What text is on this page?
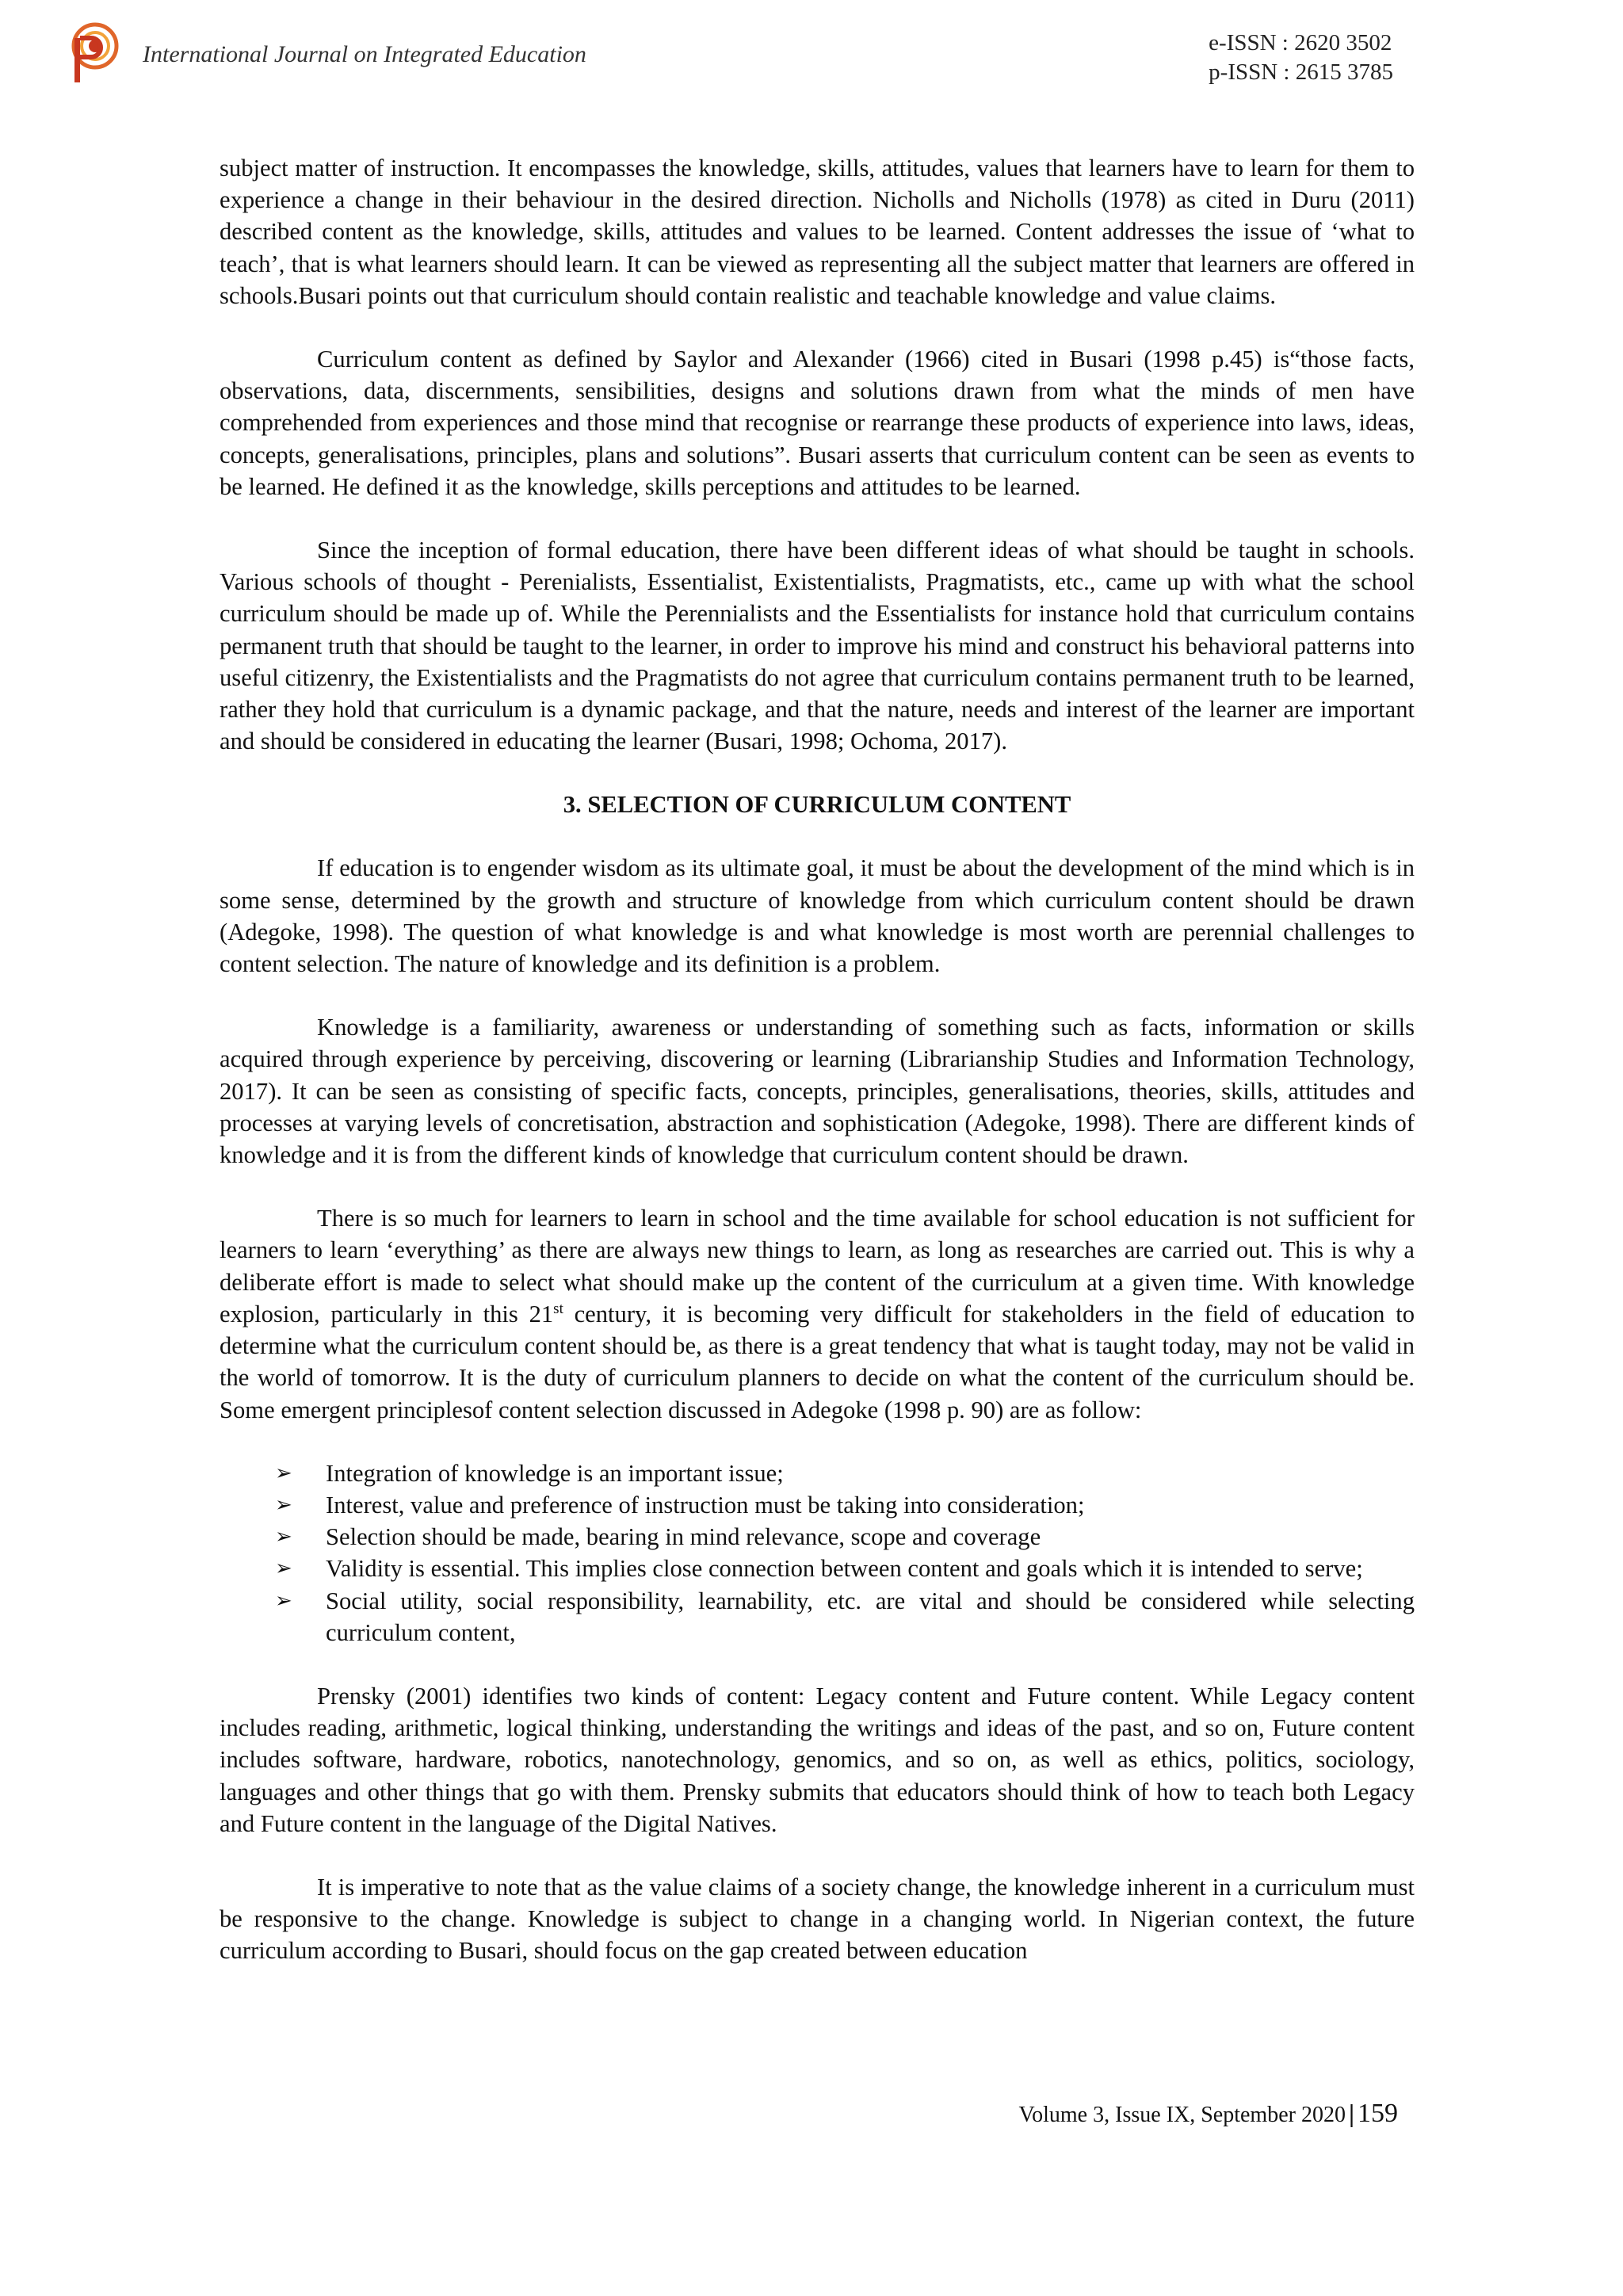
International Journal on Integrated Education	e-ISSN : 2620 3502
p-ISSN : 2615 3785

subject matter of instruction. It encompasses the knowledge, skills, attitudes, values that learners have to learn for them to experience a change in their behaviour in the desired direction. Nicholls and Nicholls (1978) as cited in Duru (2011) described content as the knowledge, skills, attitudes and values to be learned. Content addresses the issue of ‘what to teach’, that is what learners should learn. It can be viewed as representing all the subject matter that learners are offered in schools.Busari points out that curriculum should contain realistic and teachable knowledge and value claims.

Curriculum content as defined by Saylor and Alexander (1966) cited in Busari (1998 p.45) is“those facts, observations, data, discernments, sensibilities, designs and solutions drawn from what the minds of men have comprehended from experiences and those mind that recognise or rearrange these products of experience into laws, ideas, concepts, generalisations, principles, plans and solutions”. Busari asserts that curriculum content can be seen as events to be learned. He defined it as the knowledge, skills perceptions and attitudes to be learned.

Since the inception of formal education, there have been different ideas of what should be taught in schools. Various schools of thought - Perenialists, Essentialist, Existentialists, Pragmatists, etc., came up with what the school curriculum should be made up of. While the Perennialists and the Essentialists for instance hold that curriculum contains permanent truth that should be taught to the learner, in order to improve his mind and construct his behavioral patterns into useful citizenry, the Existentialists and the Pragmatists do not agree that curriculum contains permanent truth to be learned, rather they hold that curriculum is a dynamic package, and that the nature, needs and interest of the learner are important and should be considered in educating the learner (Busari, 1998; Ochoma, 2017).

3. SELECTION OF CURRICULUM CONTENT

If education is to engender wisdom as its ultimate goal, it must be about the development of the mind which is in some sense, determined by the growth and structure of knowledge from which curriculum content should be drawn (Adegoke, 1998). The question of what knowledge is and what knowledge is most worth are perennial challenges to content selection. The nature of knowledge and its definition is a problem.

Knowledge is a familiarity, awareness or understanding of something such as facts, information or skills acquired through experience by perceiving, discovering or learning (Librarianship Studies and Information Technology, 2017). It can be seen as consisting of specific facts, concepts, principles, generalisations, theories, skills, attitudes and processes at varying levels of concretisation, abstraction and sophistication (Adegoke, 1998). There are different kinds of knowledge and it is from the different kinds of knowledge that curriculum content should be drawn.

There is so much for learners to learn in school and the time available for school education is not sufficient for learners to learn ‘everything’ as there are always new things to learn, as long as researches are carried out. This is why a deliberate effort is made to select what should make up the content of the curriculum at a given time. With knowledge explosion, particularly in this 21st century, it is becoming very difficult for stakeholders in the field of education to determine what the curriculum content should be, as there is a great tendency that what is taught today, may not be valid in the world of tomorrow. It is the duty of curriculum planners to decide on what the content of the curriculum should be. Some emergent principlesof content selection discussed in Adegoke (1998 p. 90) are as follow:

➢ Integration of knowledge is an important issue;
➢ Interest, value and preference of instruction must be taking into consideration;
➢ Selection should be made, bearing in mind relevance, scope and coverage
➢ Validity is essential. This implies close connection between content and goals which it is intended to serve;
➢ Social utility, social responsibility, learnability, etc. are vital and should be considered while selecting curriculum content,

Prensky (2001) identifies two kinds of content: Legacy content and Future content. While Legacy content includes reading, arithmetic, logical thinking, understanding the writings and ideas of the past, and so on, Future content includes software, hardware, robotics, nanotechnology, genomics, and so on, as well as ethics, politics, sociology, languages and other things that go with them. Prensky submits that educators should think of how to teach both Legacy and Future content in the language of the Digital Natives.

It is imperative to note that as the value claims of a society change, the knowledge inherent in a curriculum must be responsive to the change. Knowledge is subject to change in a changing world. In Nigerian context, the future curriculum according to Busari, should focus on the gap created between education

Volume 3, Issue IX, September 2020 | 159
